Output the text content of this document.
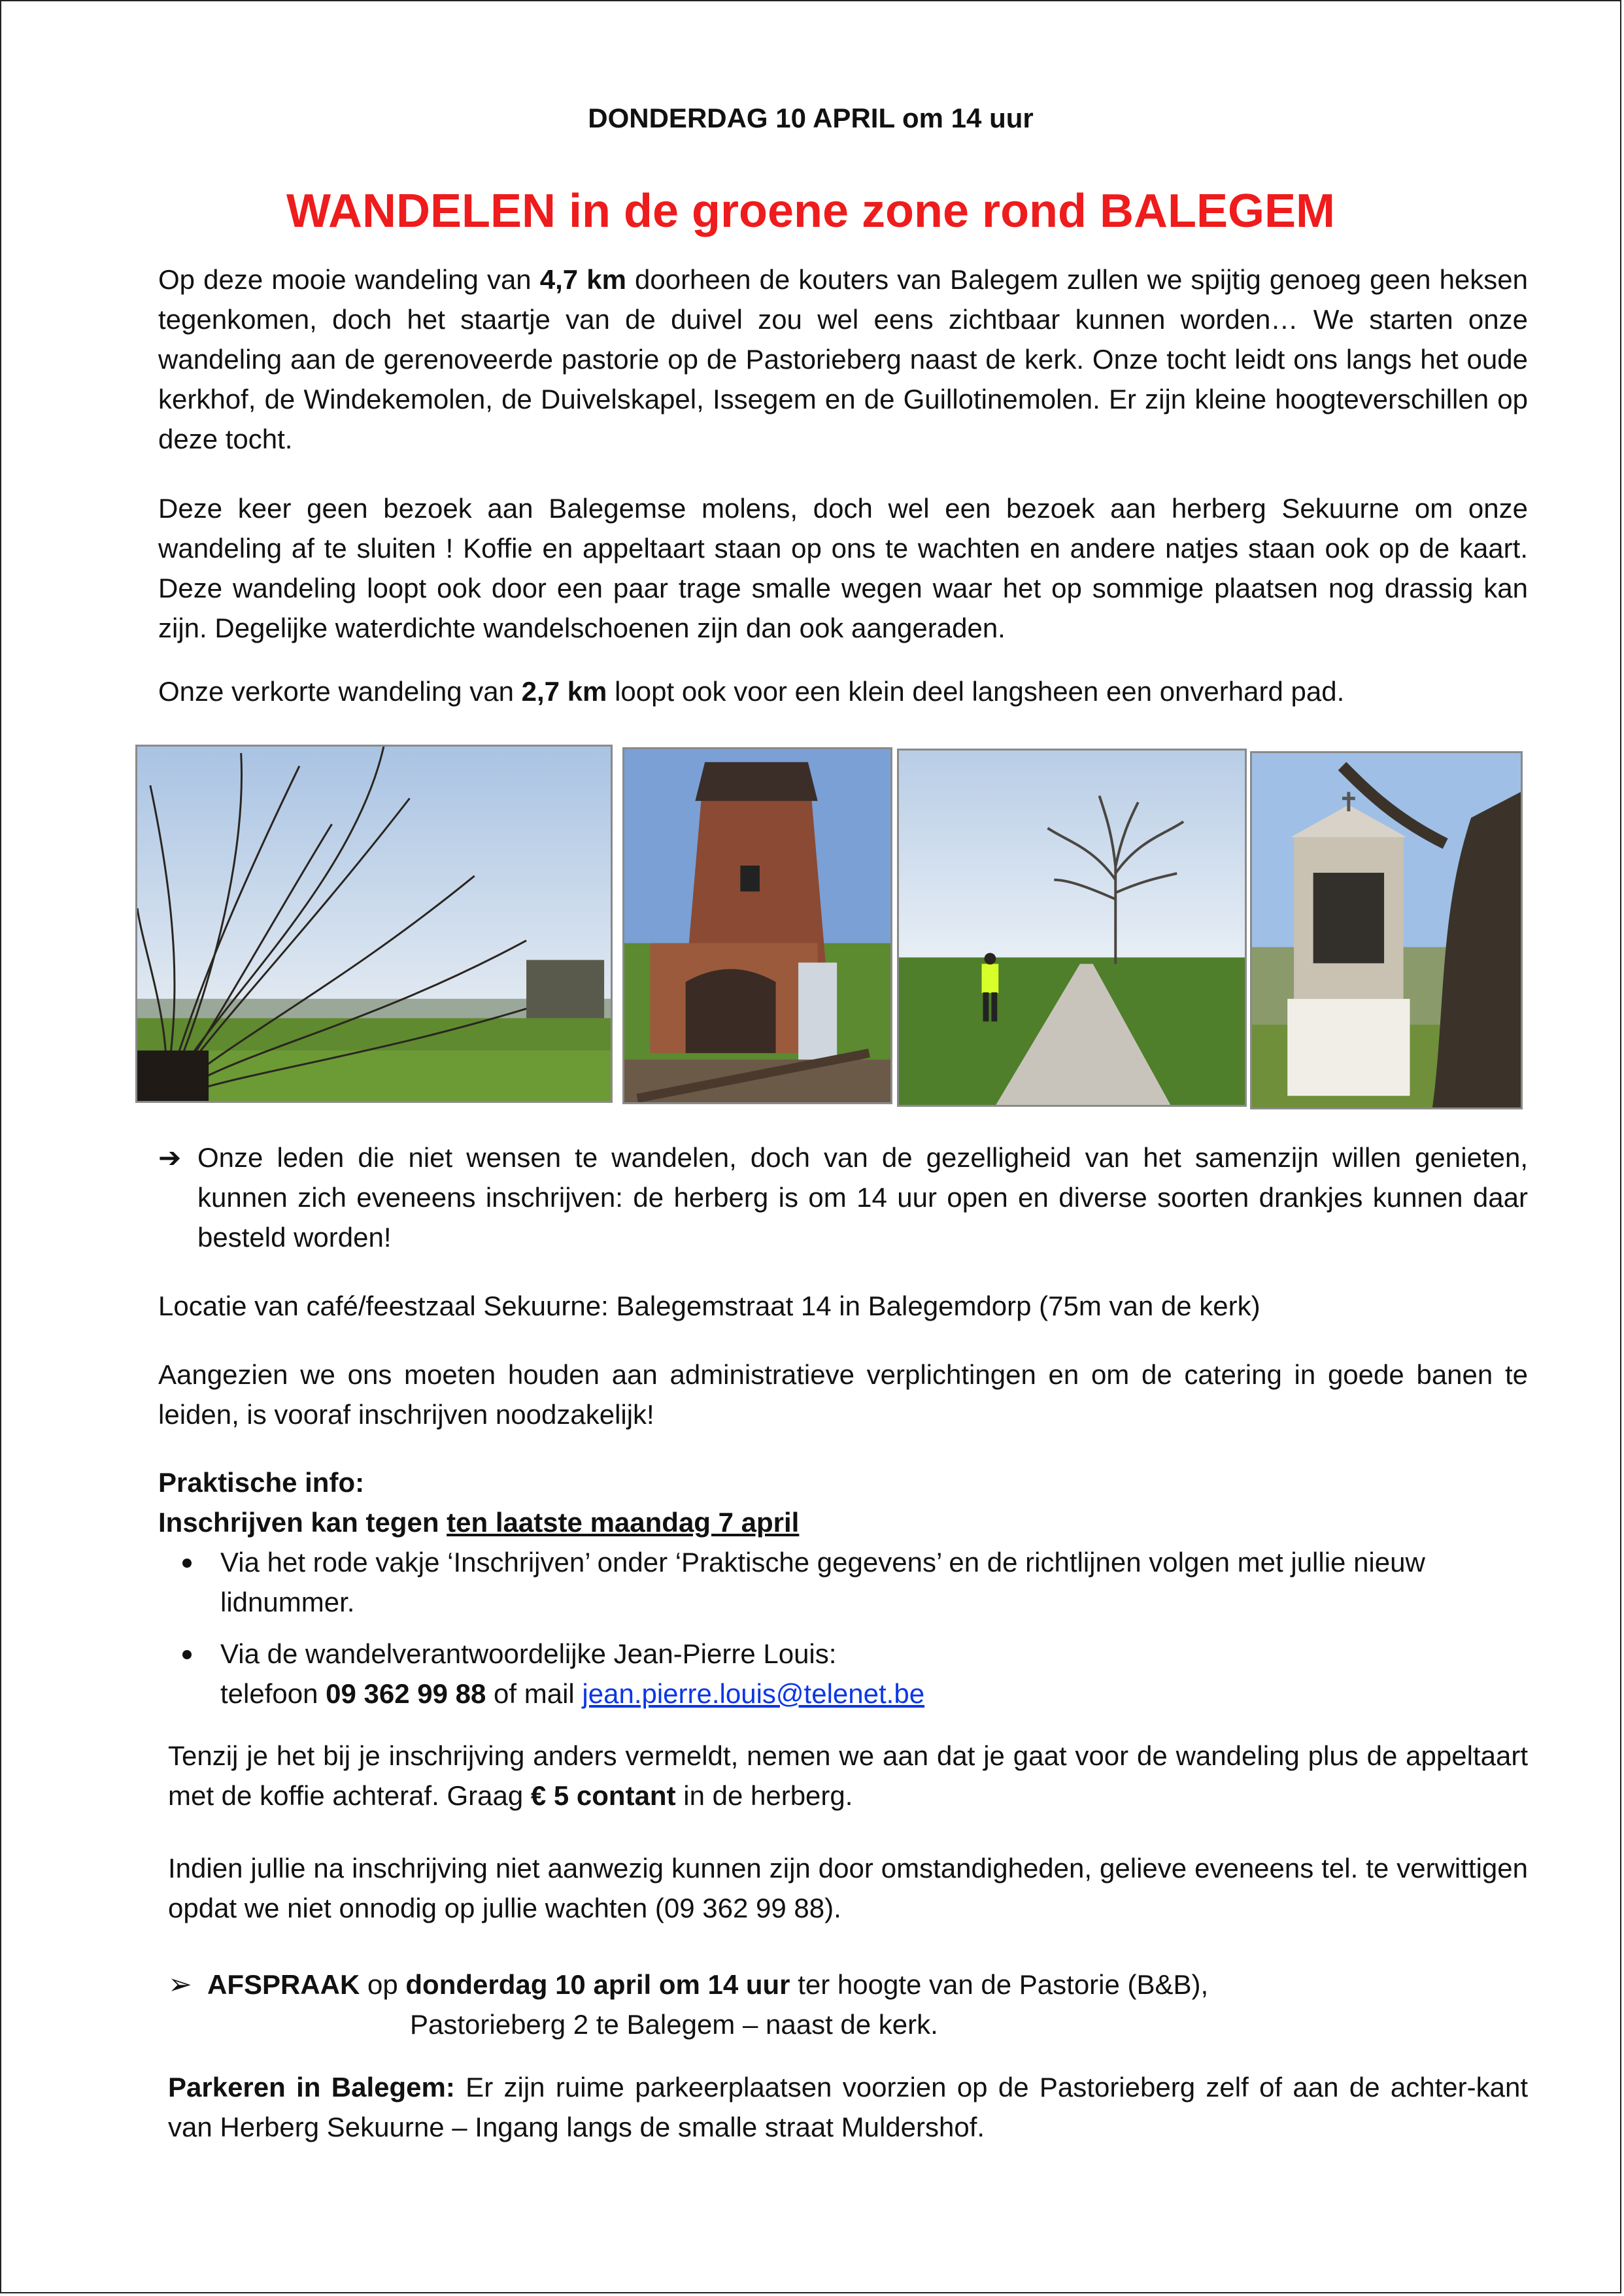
DONDERDAG 10 APRIL om 14 uur
WANDELEN in de groene zone rond BALEGEM

Op deze mooie wandeling van 4,7 km doorheen de kouters van Balegem zullen we spijtig genoeg geen heksen tegenkomen, doch het staartje van de duivel zou wel eens zichtbaar kunnen worden… We starten onze wandeling aan de gerenoveerde pastorie op de Pastorieberg naast de kerk. Onze tocht leidt ons langs het oude kerkhof, de Windekemolen, de Duivelskapel, Issegem en de Guillotinemolen. Er zijn kleine hoogteverschillen op deze tocht.

Deze keer geen bezoek aan Balegemse molens, doch wel een bezoek aan herberg Sekuurne om onze wandeling af te sluiten ! Koffie en appeltaart staan op ons te wachten en andere natjes staan ook op de kaart. Deze wandeling loopt ook door een paar trage smalle wegen waar het op sommige plaatsen nog drassig kan zijn. Degelijke waterdichte wandelschoenen zijn dan ook aangeraden.

Onze verkorte wandeling van 2,7 km loopt ook voor een klein deel langsheen een onverhard pad.

➔ Onze leden die niet wensen te wandelen, doch van de gezelligheid van het samenzijn willen genieten, kunnen zich eveneens inschrijven: de herberg is om 14 uur open en diverse soorten drankjes kunnen daar besteld worden!

Locatie van café/feestzaal Sekuurne: Balegemstraat 14 in Balegemdorp (75m van de kerk)

Aangezien we ons moeten houden aan administratieve verplichtingen en om de catering in goede banen te leiden, is vooraf inschrijven noodzakelijk!

Praktische info:

Inschrijven kan tegen ten laatste maandag 7 april

Via het rode vakje ‘Inschrijven’ onder ‘Praktische gegevens’ en de richtlijnen volgen met jullie nieuw lidnummer.
Via de wandelverantwoordelijke Jean-Pierre Louis:
telefoon 09 362 99 88 of mail jean.pierre.louis@telenet.be

Tenzij je het bij je inschrijving anders vermeldt, nemen we aan dat je gaat voor de wandeling plus de appeltaart met de koffie achteraf. Graag € 5 contant in de herberg.

Indien jullie na inschrijving niet aanwezig kunnen zijn door omstandigheden, gelieve eveneens tel. te verwittigen opdat we niet onnodig op jullie wachten (09 362 99 88).

➢ AFSPRAAK op donderdag 10 april om 14 uur ter hoogte van de Pastorie (B&B),

Pastorieberg 2 te Balegem – naast de kerk.

Parkeren in Balegem: Er zijn ruime parkeerplaatsen voorzien op de Pastorieberg zelf of aan de achter-kant van Herberg Sekuurne – Ingang langs de smalle straat Muldershof.
